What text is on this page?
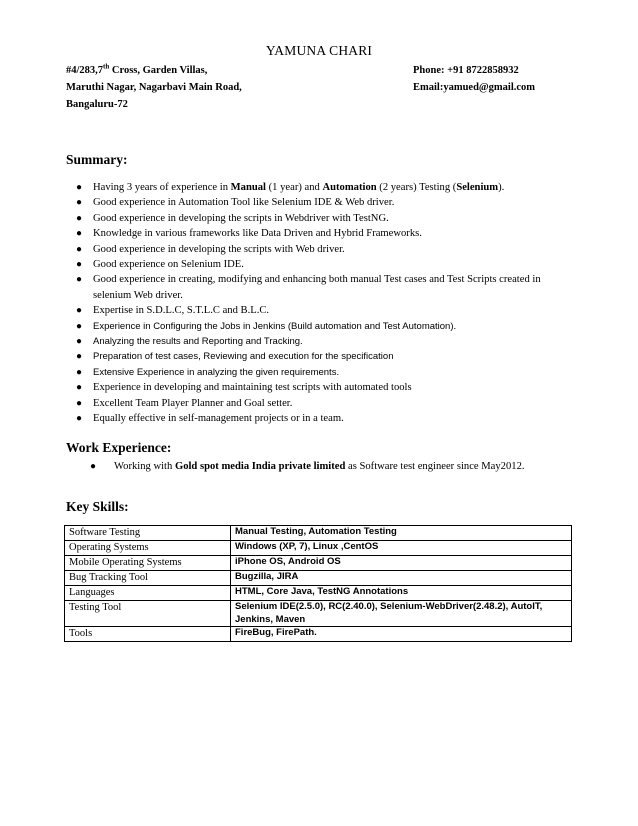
YAMUNA CHARI
#4/283,7th Cross, Garden Villas,
Maruthi Nagar, Nagarbavi Main Road,
Bangaluru-72
Phone: +91 8722858932
Email:yamued@gmail.com
Summary:
● Having 3 years of experience in Manual (1 year) and Automation (2 years) Testing (Selenium).
● Good experience in Automation Tool like Selenium IDE & Web driver.
● Good experience in developing the scripts in Webdriver with TestNG.
● Knowledge in various frameworks like Data Driven and Hybrid Frameworks.
● Good experience in developing the scripts with Web driver.
● Good experience on Selenium IDE.
● Good experience in creating, modifying and enhancing both manual Test cases and Test Scripts created in selenium Web driver.
● Expertise in S.D.L.C, S.T.L.C and B.L.C.
● Experience in Configuring the Jobs in Jenkins (Build automation and Test Automation).
● Analyzing the results and Reporting and Tracking.
● Preparation of test cases, Reviewing and execution for the specification
● Extensive Experience in analyzing the given requirements.
● Experience in developing and maintaining test scripts with automated tools
● Excellent Team Player Planner and Goal setter.
● Equally effective in self-management projects or in a team.
Work Experience:
● Working with Gold spot media India private limited as Software test engineer since May2012.
Key Skills:
Software Testing	Manual Testing, Automation Testing
Operating Systems	Windows (XP, 7), Linux ,CentOS
Mobile Operating Systems	iPhone OS, Android OS
Bug Tracking Tool	Bugzilla, JIRA
Languages	HTML, Core Java, TestNG Annotations
Testing Tool	Selenium IDE(2.5.0), RC(2.40.0), Selenium-WebDriver(2.48.2), AutoIT, Jenkins, Maven
Tools	FireBug, FirePath.
